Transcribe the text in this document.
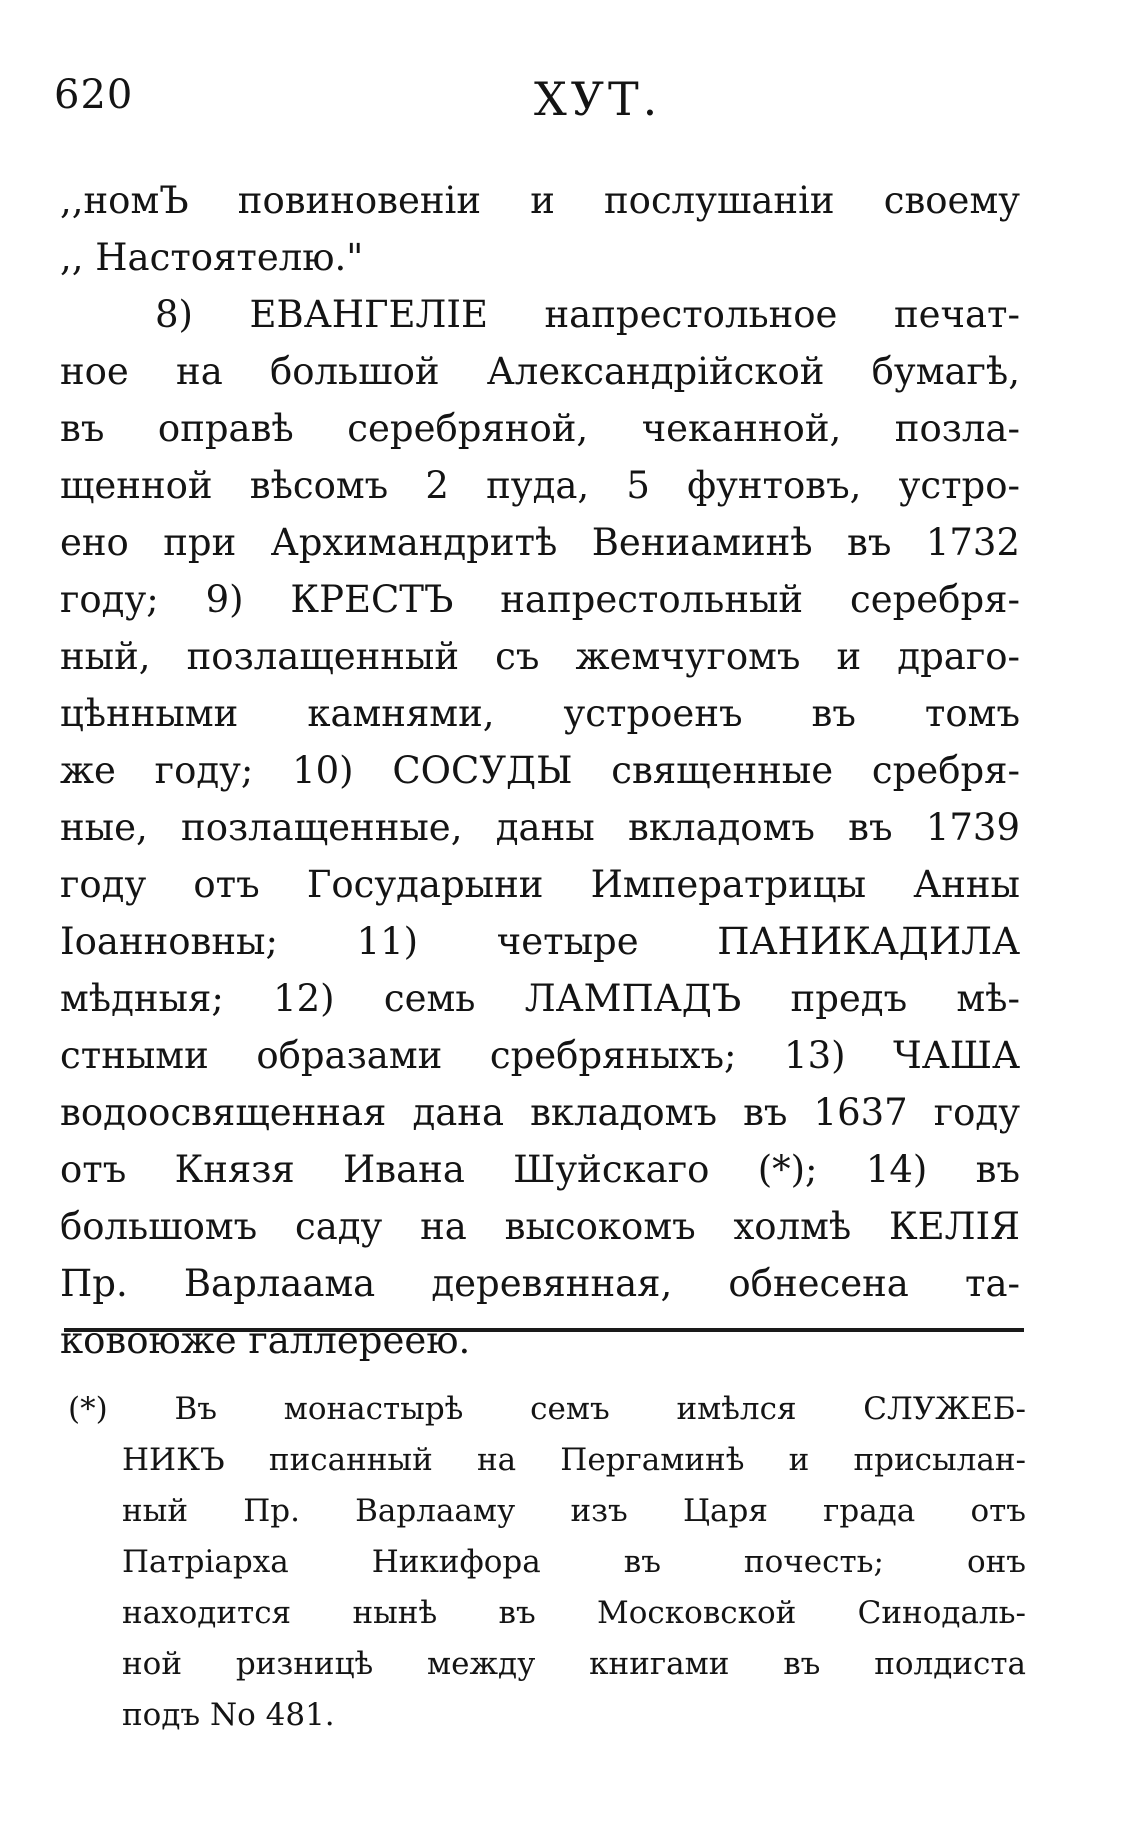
620	ХУТ.
,,номЪ повиновенiи и послушанiи своему
,, Настоятелю."
8) ЕВАНГЕЛIЕ напрестольное печат-
ное на большой Александрiйской бумагѣ,
въ оправѣ серебряной, чеканной, позла-
щенной вѣсомъ 2 пуда, 5 фунтовъ, устро-
ено при Архимандритѣ Вениаминѣ въ 1732
году; 9) КРЕСТЪ напрестольный серебря-
ный, позлащенный съ жемчугомъ и драго-
цѣнными камнями, устроенъ въ томъ
же году; 10) СОСУДЫ священные сребря-
ные, позлащенные, даны вкладомъ въ 1739
году отъ Государыни Императрицы Анны
Іоанновны; 11) четыре ПАНИКАДИЛА
мѣдныя; 12) семь ЛАМПАДЪ предъ мѣ-
стными образами сребряныхъ; 13) ЧАША
водоосвященная дана вкладомъ въ 1637 году
отъ Князя Ивана Шуйскаго (*); 14) въ
большомъ саду на высокомъ холмѣ КЕЛIЯ
Пр. Варлаама деревянная, обнесена та-
ковоюже галлереею.
(*) Въ монастырѣ семъ имѣлся СЛУЖЕБ-
НИКЪ писанный на Пергаминѣ и присылан-
ный Пр. Варлааму изъ Царя града отъ
Патрiарха Никифора въ почесть; онъ
находится нынѣ въ Московской Синодаль-
ной ризницѣ между книгами въ полдиста
подъ No 481.
